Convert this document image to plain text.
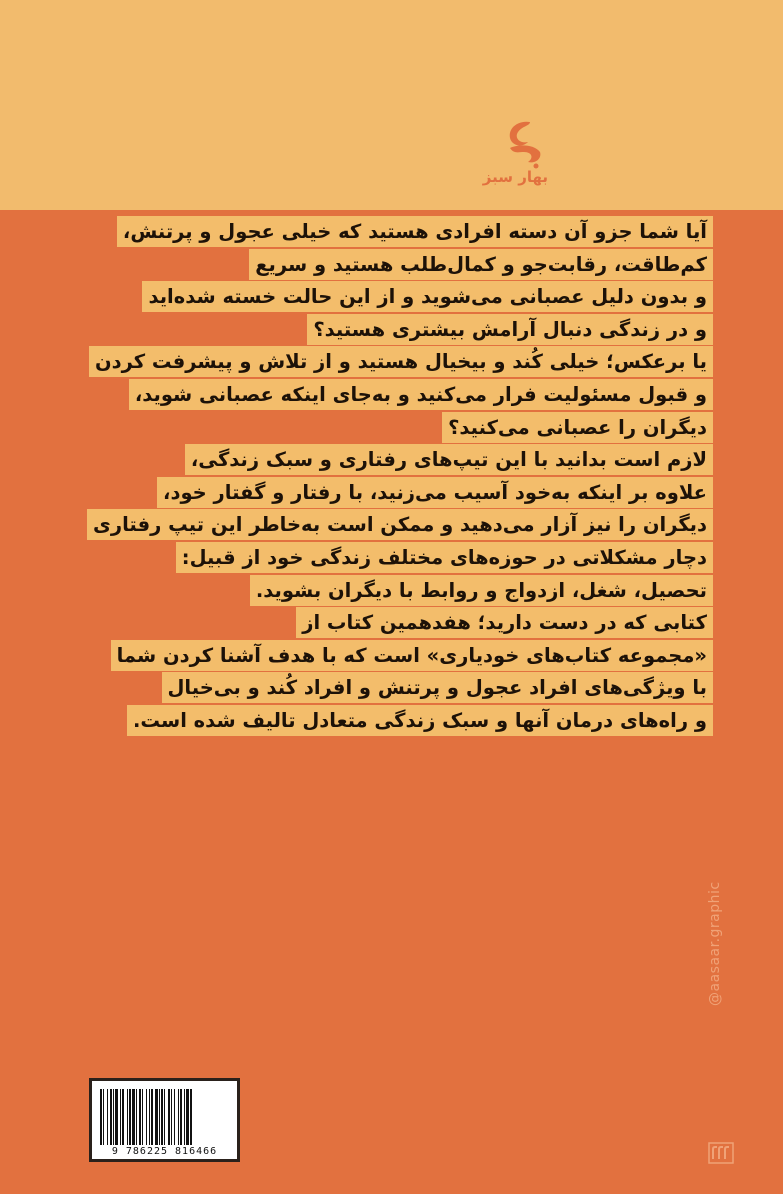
بهار سبز
آیا شما جزو آن دسته افرادی هستید که خیلی عجول و پرتنش،
کم‌طاقت، رقابت‌جو و کمال‌طلب هستید و سریع
و بدون دلیل عصبانی می‌شوید و از این حالت خسته شده‌اید
و در زندگی دنبال آرامش بیشتری هستید؟
یا برعکس؛ خیلی کُند و بیخیال هستید و از تلاش و پیشرفت کردن
و قبول مسئولیت فرار می‌کنید و به‌جای اینکه عصبانی شوید،
دیگران را عصبانی می‌کنید؟
لازم است بدانید با این تیپ‌های رفتاری و سبک زندگی،
علاوه بر اینکه به‌خود آسیب می‌زنید، با رفتار و گفتار خود،
دیگران را نیز آزار می‌دهید و ممکن است به‌خاطر این تیپ رفتاری
دچار مشکلاتی در حوزه‌های مختلف زندگی خود از قبیل:
تحصیل، شغل، ازدواج و روابط با دیگران بشوید.
کتابی که در دست دارید؛ هفدهمین کتاب از
«مجموعه کتاب‌های خودیاری» است که با هدف آشنا کردن شما
با ویژگی‌های افراد عجول و پرتنش و افراد کُند و بی‌خیال
و راه‌های درمان آنها و سبک زندگی متعادل تالیف شده است.
9 786225 816466
@aasaar.graphic
